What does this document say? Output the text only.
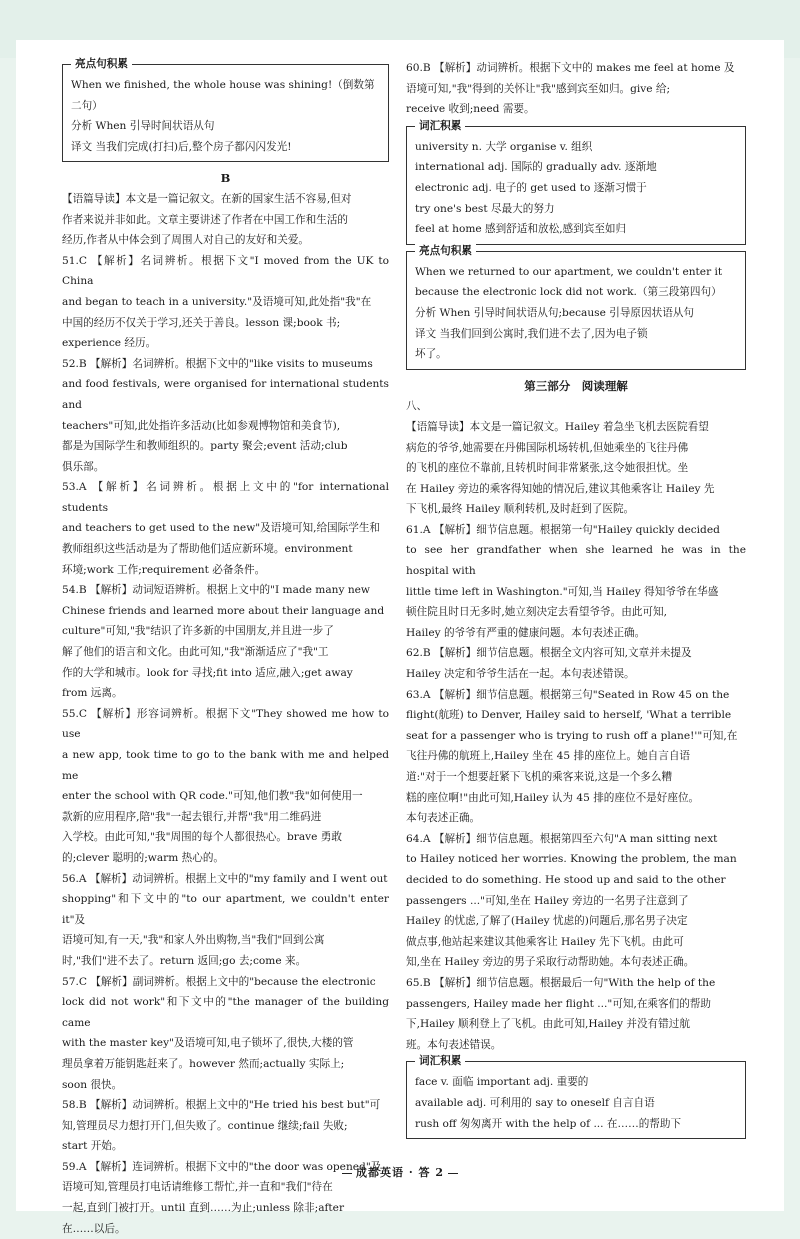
亮点句积累

When we finished, the whole house was shining!（倒数第

二句）

分析 When 引导时间状语从句

译文 当我们完成(打扫)后,整个房子都闪闪发光!

B

【语篇导读】本文是一篇记叙文。在新的国家生活不容易,但对

作者来说并非如此。文章主要讲述了作者在中国工作和生活的

经历,作者从中体会到了周围人对自己的友好和关爱。

51.C 【解析】名词辨析。根据下文"I moved from the UK to China

and began to teach in a university."及语境可知,此处指"我"在

中国的经历不仅关于学习,还关于善良。lesson 课;book 书;

experience 经历。

52.B 【解析】名词辨析。根据下文中的"like visits to museums

and food festivals, were organised for international students and

teachers"可知,此处指许多活动(比如参观博物馆和美食节),

都是为国际学生和教师组织的。party 聚会;event 活动;club

俱乐部。

53.A 【解析】名词辨析。根据上文中的"for international students

and teachers to get used to the new"及语境可知,给国际学生和

教师组织这些活动是为了帮助他们适应新环境。environment

环境;work 工作;requirement 必备条件。

54.B 【解析】动词短语辨析。根据上文中的"I made many new

Chinese friends and learned more about their language and

culture"可知,"我"结识了许多新的中国朋友,并且进一步了

解了他们的语言和文化。由此可知,"我"渐渐适应了"我"工

作的大学和城市。look for 寻找;fit into 适应,融入;get away

from 远离。

55.C 【解析】形容词辨析。根据下文"They showed me how to use

a new app, took time to go to the bank with me and helped me

enter the school with QR code."可知,他们教"我"如何使用一

款新的应用程序,陪"我"一起去银行,并帮"我"用二维码进

入学校。由此可知,"我"周围的每个人都很热心。brave 勇敢

的;clever 聪明的;warm 热心的。

56.A 【解析】动词辨析。根据上文中的"my family and I went out

shopping"和下文中的"to our apartment, we couldn't enter it"及

语境可知,有一天,"我"和家人外出购物,当"我们"回到公寓

时,"我们"进不去了。return 返回;go 去;come 来。

57.C 【解析】副词辨析。根据上文中的"because the electronic

lock did not work"和下文中的"the manager of the building came

with the master key"及语境可知,电子锁坏了,很快,大楼的管

理员拿着万能钥匙赶来了。however 然而;actually 实际上;

soon 很快。

58.B 【解析】动词辨析。根据上文中的"He tried his best but"可

知,管理员尽力想打开门,但失败了。continue 继续;fail 失败;

start 开始。

59.A 【解析】连词辨析。根据下文中的"the door was opened"及

语境可知,管理员打电话请维修工帮忙,并一直和"我们"待在

一起,直到门被打开。until 直到……为止;unless 除非;after

在……以后。

60.B 【解析】动词辨析。根据下文中的 makes me feel at home 及

语境可知,"我"得到的关怀让"我"感到宾至如归。give 给;

receive 收到;need 需要。

词汇积累

university n. 大学 organise v. 组织

international adj. 国际的 gradually adv. 逐渐地

electronic adj. 电子的 get used to 逐渐习惯于

try one's best 尽最大的努力

feel at home 感到舒适和放松,感到宾至如归

亮点句积累

When we returned to our apartment, we couldn't enter it

because the electronic lock did not work.（第三段第四句）

分析 When 引导时间状语从句;because 引导原因状语从句

译文 当我们回到公寓时,我们进不去了,因为电子锁

坏了。

第三部分　阅读理解

八、

【语篇导读】本文是一篇记叙文。Hailey 着急坐飞机去医院看望

病危的爷爷,她需要在丹佛国际机场转机,但她乘坐的飞往丹佛

的飞机的座位不靠前,且转机时间非常紧张,这令她很担忧。坐

在 Hailey 旁边的乘客得知她的情况后,建议其他乘客让 Hailey 先

下飞机,最终 Hailey 顺利转机,及时赶到了医院。

61.A 【解析】细节信息题。根据第一句"Hailey quickly decided

to see her grandfather when she learned he was in the hospital with

little time left in Washington."可知,当 Hailey 得知爷爷在华盛

顿住院且时日无多时,她立刻决定去看望爷爷。由此可知,

Hailey 的爷爷有严重的健康问题。本句表述正确。

62.B 【解析】细节信息题。根据全文内容可知,文章并未提及

Hailey 决定和爷爷生活在一起。本句表述错误。

63.A 【解析】细节信息题。根据第三句"Seated in Row 45 on the

flight(航班) to Denver, Hailey said to herself, 'What a terrible

seat for a passenger who is trying to rush off a plane!'"可知,在

飞往丹佛的航班上,Hailey 坐在 45 排的座位上。她自言自语

道:"对于一个想要赶紧下飞机的乘客来说,这是一个多么糟

糕的座位啊!"由此可知,Hailey 认为 45 排的座位不是好座位。

本句表述正确。

64.A 【解析】细节信息题。根据第四至六句"A man sitting next

to Hailey noticed her worries. Knowing the problem, the man

decided to do something. He stood up and said to the other

passengers ..."可知,坐在 Hailey 旁边的一名男子注意到了

Hailey 的忧虑,了解了(Hailey 忧虑的)问题后,那名男子决定

做点事,他站起来建议其他乘客让 Hailey 先下飞机。由此可

知,坐在 Hailey 旁边的男子采取行动帮助她。本句表述正确。

65.B 【解析】细节信息题。根据最后一句"With the help of the

passengers, Hailey made her flight ..."可知,在乘客们的帮助

下,Hailey 顺利登上了飞机。由此可知,Hailey 并没有错过航

班。本句表述错误。

词汇积累

face v. 面临 important adj. 重要的

available adj. 可利用的 say to oneself 自言自语

rush off 匆匆离开 with the help of ... 在……的帮助下

成都英语 · 答 2
